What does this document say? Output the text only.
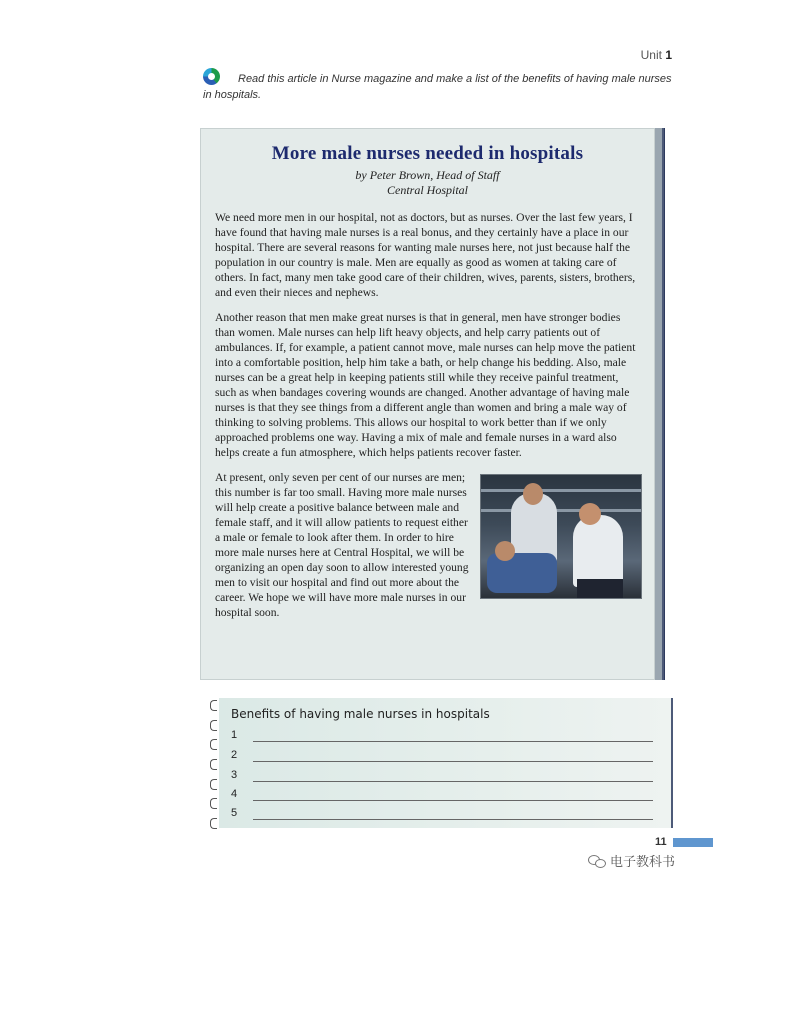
Unit 1
Read this article in Nurse magazine and make a list of the benefits of having male nurses in hospitals.
More male nurses needed in hospitals
by Peter Brown, Head of Staff
Central Hospital

We need more men in our hospital, not as doctors, but as nurses. Over the last few years, I have found that having male nurses is a real bonus, and they certainly have a place in our hospital. There are several reasons for wanting male nurses here, not just because half the population in our country is male. Men are equally as good as women at taking care of others. In fact, many men take good care of their children, wives, parents, sisters, brothers, and even their nieces and nephews.

Another reason that men make great nurses is that in general, men have stronger bodies than women. Male nurses can help lift heavy objects, and help carry patients out of ambulances. If, for example, a patient cannot move, male nurses can help move the patient into a comfortable position, help him take a bath, or help change his bedding. Also, male nurses can be a great help in keeping patients still while they receive painful treatment, such as when bandages covering wounds are changed. Another advantage of having male nurses is that they see things from a different angle than women and bring a male way of thinking to solving problems. This allows our hospital to work better than if we only approached problems one way. Having a mix of male and female nurses in a ward also helps create a fun atmosphere, which helps patients recover faster.

At present, only seven per cent of our nurses are men; this number is far too small. Having more male nurses will help create a positive balance between male and female staff, and it will allow patients to request either a male or female to look after them. In order to hire more male nurses here at Central Hospital, we will be organizing an open day soon to allow interested young men to visit our hospital and find out more about the career. We hope we will have more male nurses in our hospital soon.

Benefits of having male nurses in hospitals
1
2
3
4
5
11
电子教科书
